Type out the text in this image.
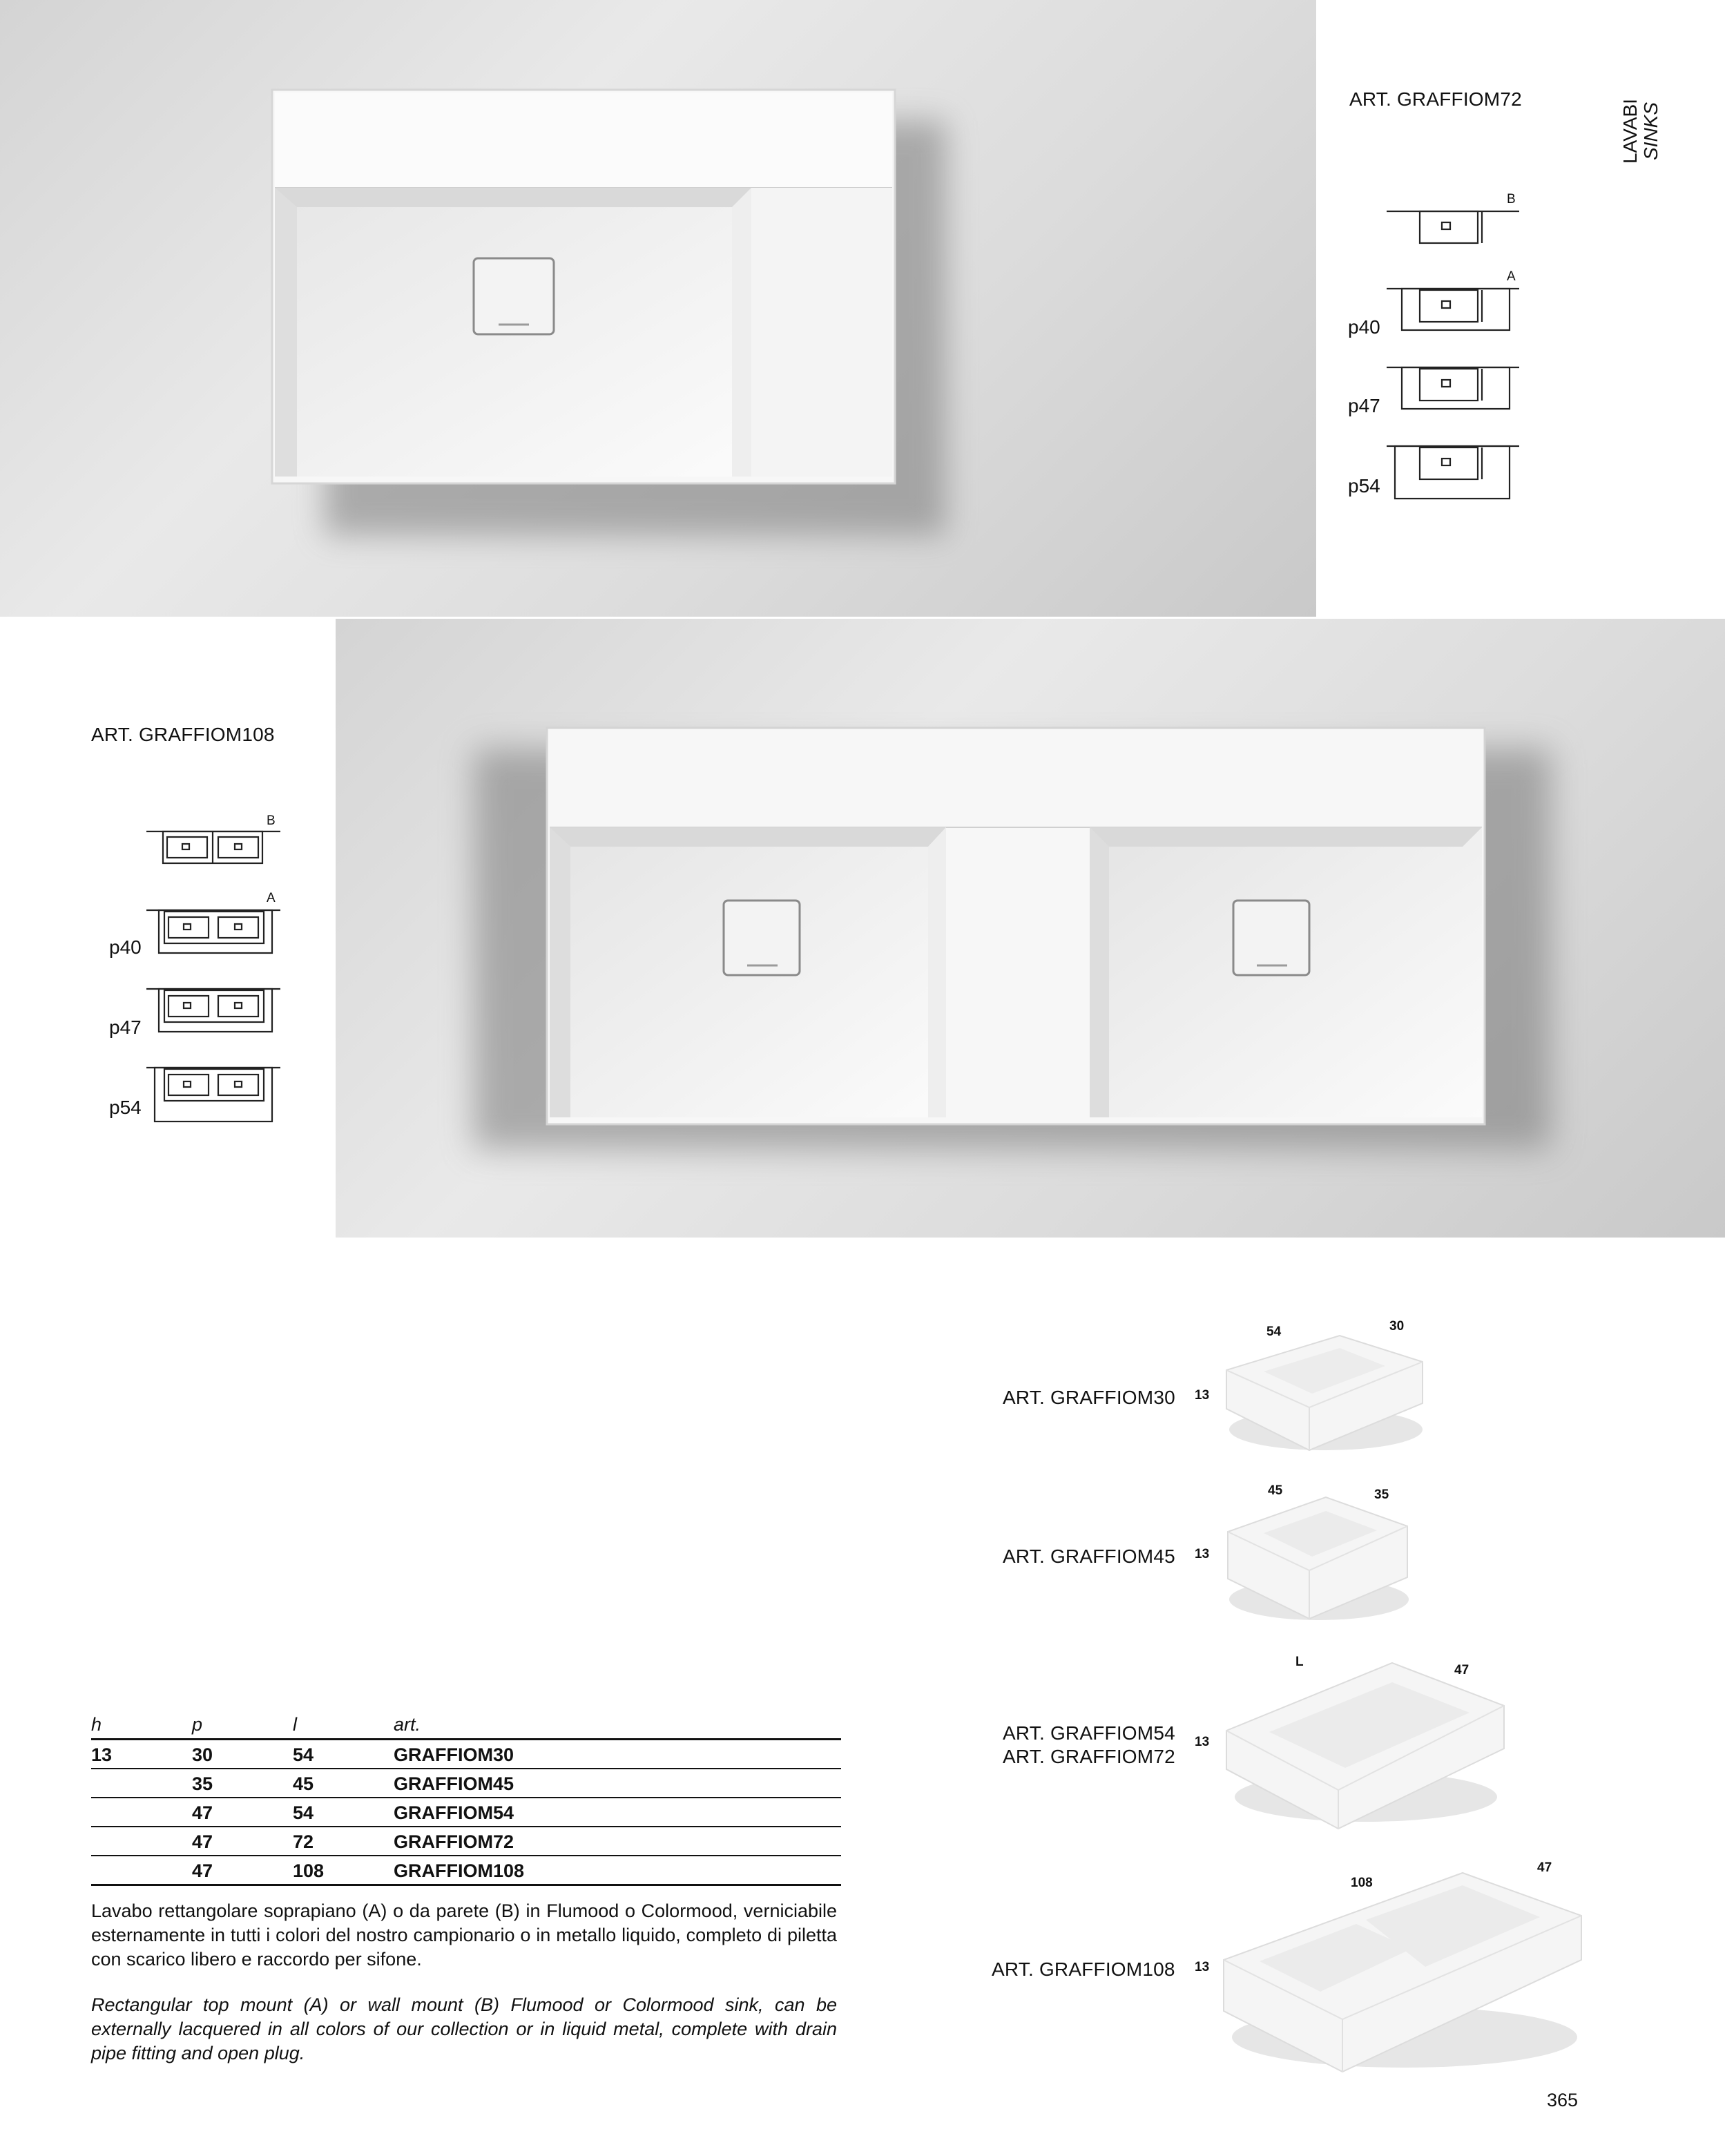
ART. GRAFFIOM72
B
A
p40
p47
p54
LAVABI SINKS
ART. GRAFFIOM108
B
A
p40
p47
p54
ART. GRAFFIOM30 13
54	30
ART. GRAFFIOM45 13
45	35
ART. GRAFFIOM54
ART. GRAFFIOM72
13
L
47
ART. GRAFFIOM108 13
108
47
h	p	l	art.
13	30	54	GRAFFIOM30
	35	45	GRAFFIOM45
	47	54	GRAFFIOM54
	47	72	GRAFFIOM72
	47	108	GRAFFIOM108

Lavabo rettangolare soprapiano (A) o da parete (B) in Flumood o Colormood, verniciabile esternamente in tutti i colori del nostro campionario o in metallo liquido, completo di piletta con scarico libero e raccordo per sifone.

Rectangular top mount (A) or wall mount (B) Flumood or Colormood sink, can be externally lacquered in all colors of our collection or in liquid metal, complete with drain pipe fitting and open plug.

365
